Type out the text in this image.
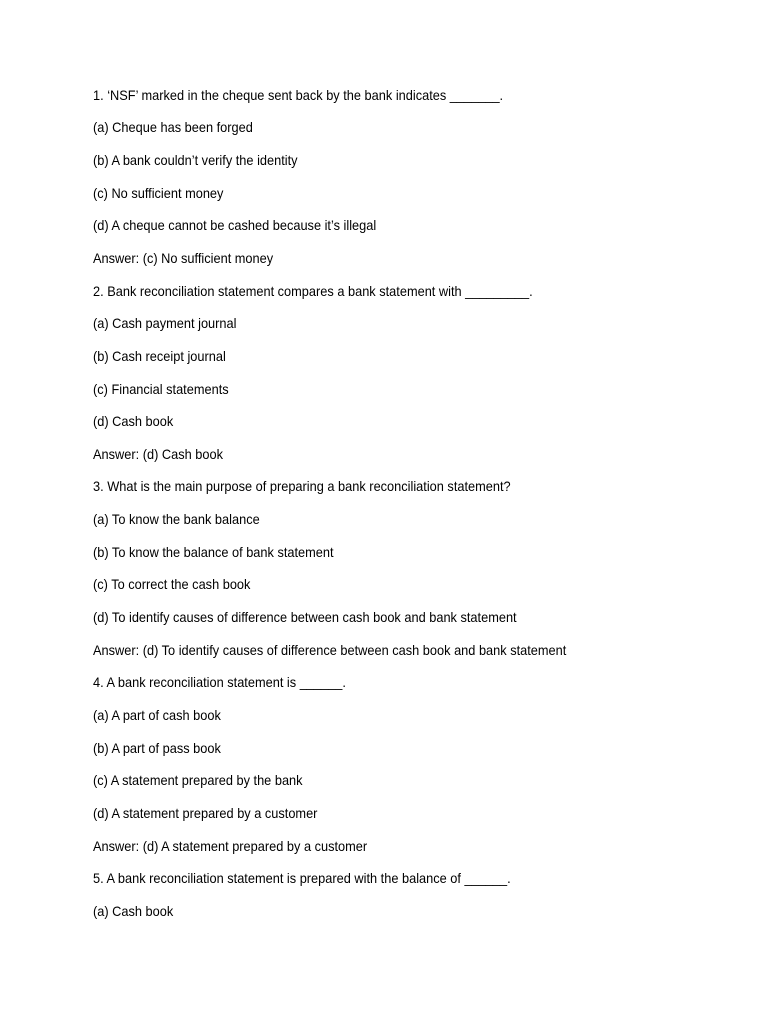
1. ‘NSF’ marked in the cheque sent back by the bank indicates _______.
(a) Cheque has been forged
(b) A bank couldn’t verify the identity
(c) No sufficient money
(d) A cheque cannot be cashed because it’s illegal
Answer: (c) No sufficient money
2. Bank reconciliation statement compares a bank statement with _________.
(a) Cash payment journal
(b) Cash receipt journal
(c) Financial statements
(d) Cash book
Answer: (d) Cash book
3. What is the main purpose of preparing a bank reconciliation statement?
(a) To know the bank balance
(b) To know the balance of bank statement
(c) To correct the cash book
(d) To identify causes of difference between cash book and bank statement
Answer: (d) To identify causes of difference between cash book and bank statement
4. A bank reconciliation statement is ______.
(a) A part of cash book
(b) A part of pass book
(c) A statement prepared by the bank
(d) A statement prepared by a customer
Answer: (d) A statement prepared by a customer
5. A bank reconciliation statement is prepared with the balance of ______.
(a) Cash book
